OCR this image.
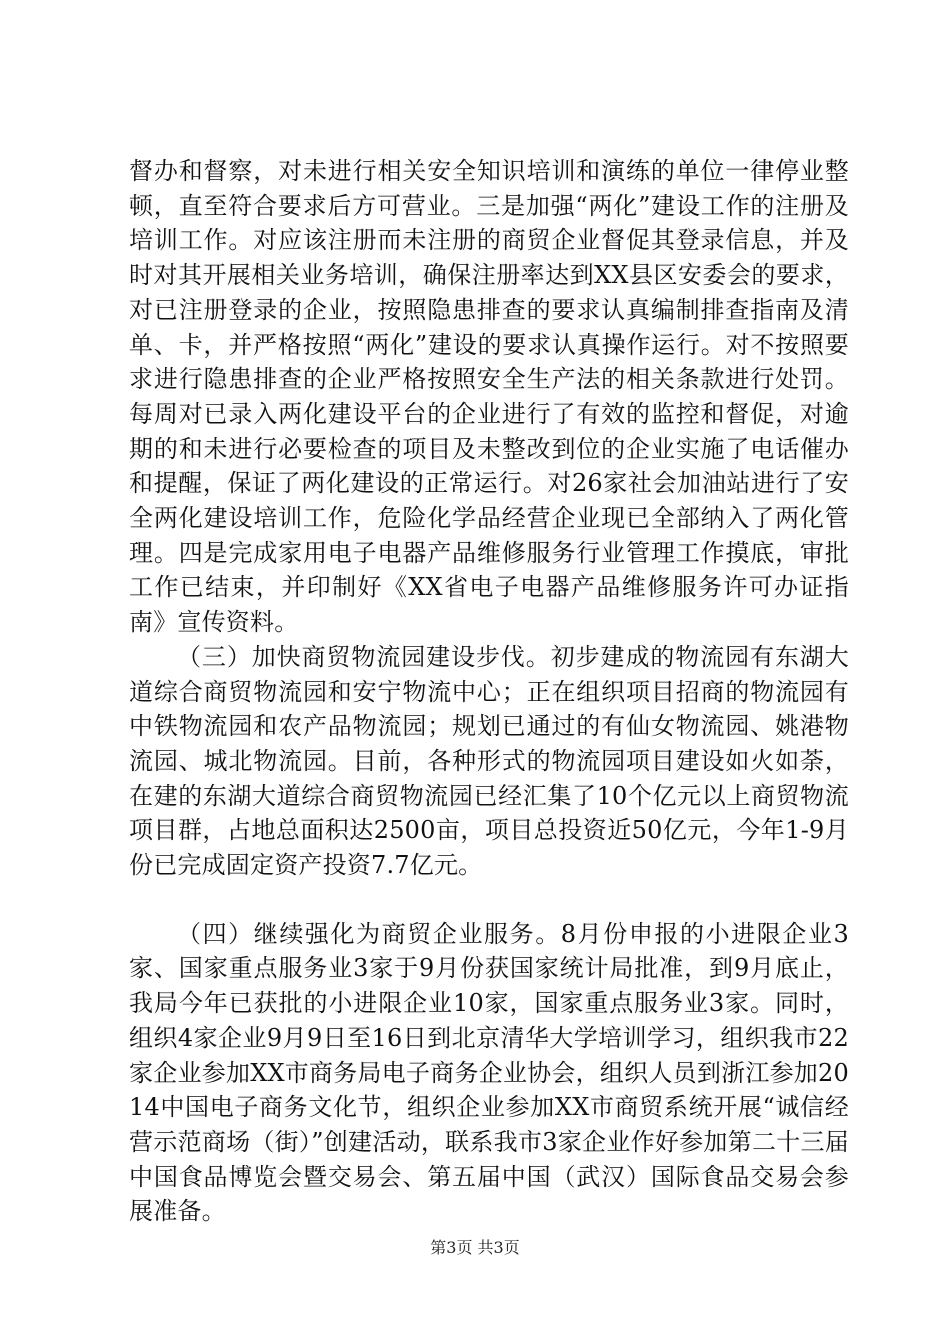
督办和督察，对未进行相关安全知识培训和演练的单位一律停业整顿，直至符合要求后方可营业。三是加强“两化”建设工作的注册及培训工作。对应该注册而未注册的商贸企业督促其登录信息，并及时对其开展相关业务培训，确保注册率达到XX县区安委会的要求，对已注册登录的企业，按照隐患排查的要求认真编制排查指南及清单、卡，并严格按照“两化”建设的要求认真操作运行。对不按照要求进行隐患排查的企业严格按照安全生产法的相关条款进行处罚。每周对已录入两化建设平台的企业进行了有效的监控和督促，对逾期的和未进行必要检查的项目及未整改到位的企业实施了电话催办和提醒，保证了两化建设的正常运行。对26家社会加油站进行了安全两化建设培训工作，危险化学品经营企业现已全部纳入了两化管理。四是完成家用电子电器产品维修服务行业管理工作摸底，审批工作已结束，并印制好《XX省电子电器产品维修服务许可办证指南》宣传资料。

（三）加快商贸物流园建设步伐。初步建成的物流园有东湖大道综合商贸物流园和安宁物流中心；正在组织项目招商的物流园有中铁物流园和农产品物流园；规划已通过的有仙女物流园、姚港物流园、城北物流园。目前，各种形式的物流园项目建设如火如荼，在建的东湖大道综合商贸物流园已经汇集了10个亿元以上商贸物流项目群，占地总面积达2500亩，项目总投资近50亿元，今年1-9月份已完成固定资产投资7.7亿元。

（四）继续强化为商贸企业服务。8月份申报的小进限企业3家、国家重点服务业3家于9月份获国家统计局批准，到9月底止，我局今年已获批的小进限企业10家，国家重点服务业3家。同时，组织4家企业9月9日至16日到北京清华大学培训学习，组织我市22家企业参加XX市商务局电子商务企业协会，组织人员到浙江参加2014中国电子商务文化节，组织企业参加XX市商贸系统开展“诚信经营示范商场（街）”创建活动，联系我市3家企业作好参加第二十三届中国食品博览会暨交易会、第五届中国（武汉）国际食品交易会参展准备。

第3页 共3页
